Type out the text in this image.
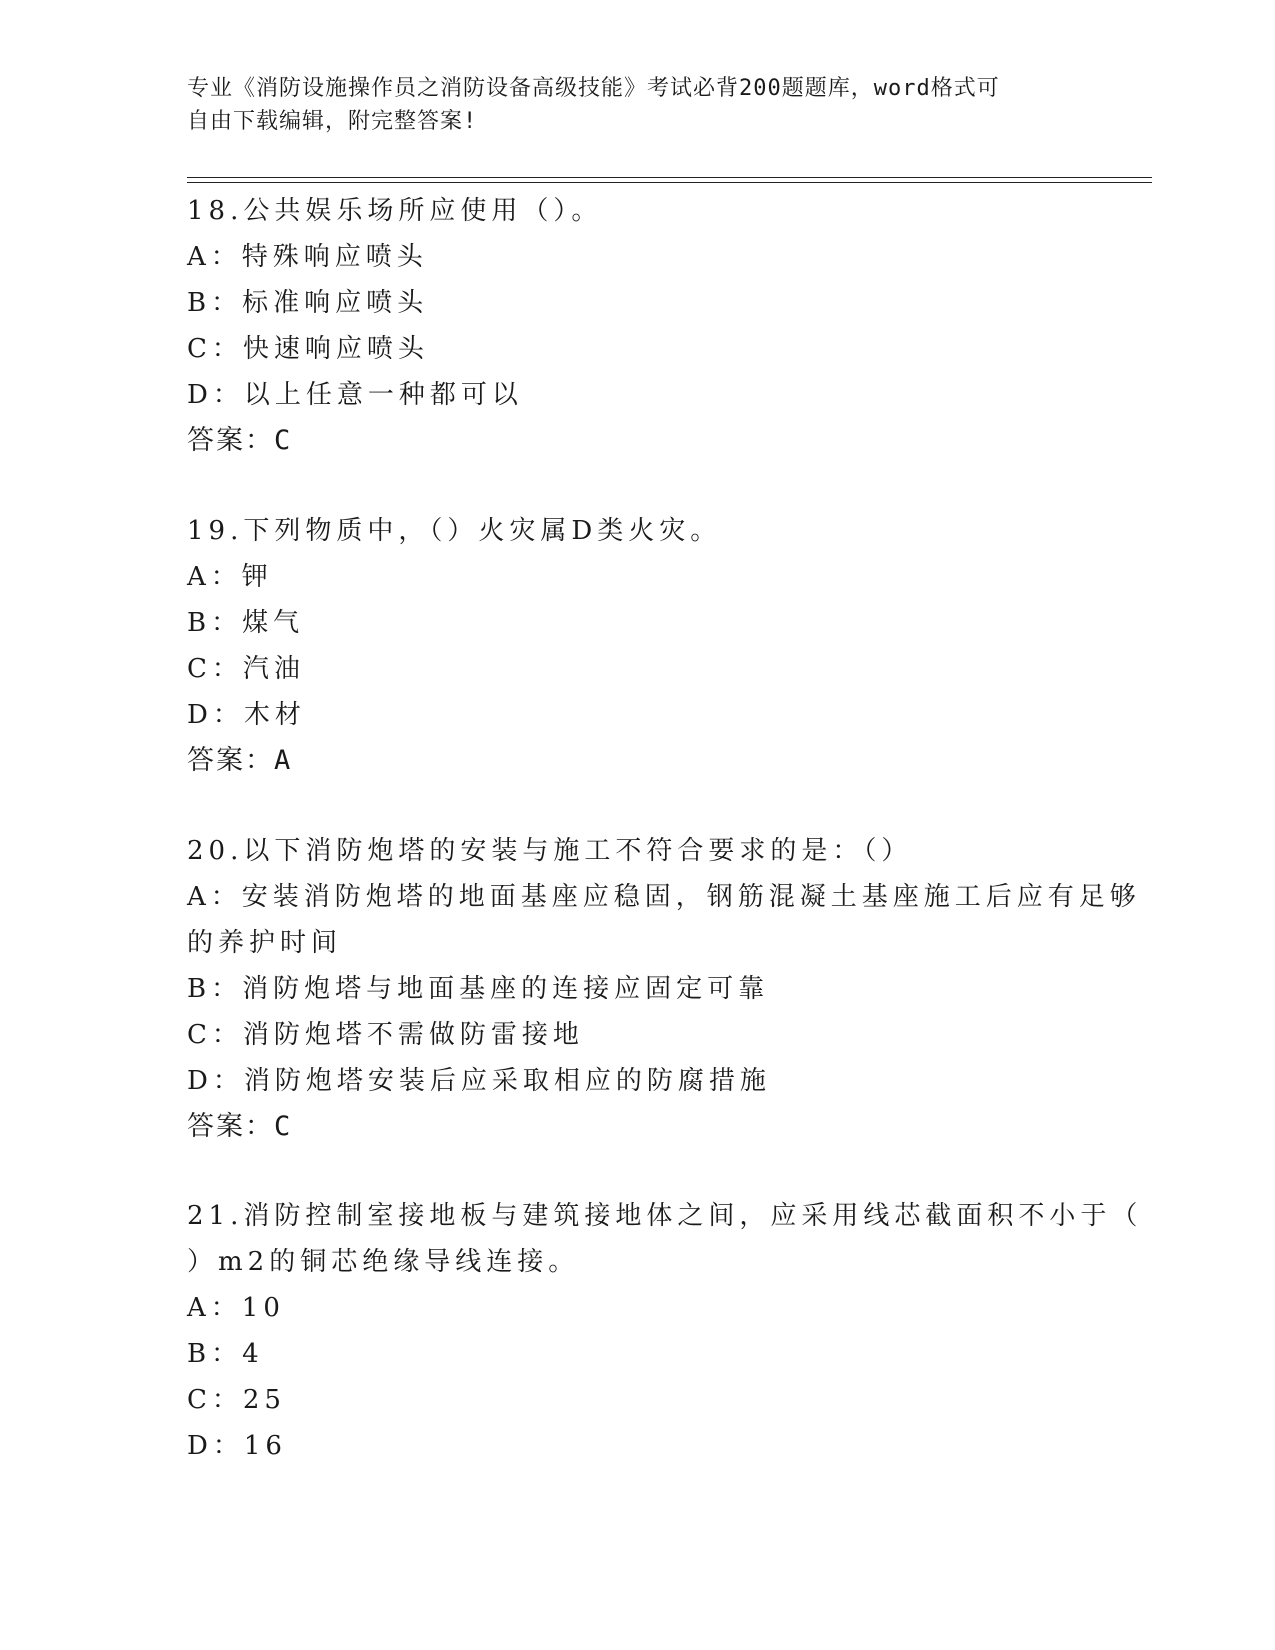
专业《消防设施操作员之消防设备高级技能》考试必背200题题库，word格式可
自由下载编辑，附完整答案!
18.公共娱乐场所应使用（）。
A：特殊响应喷头
B：标准响应喷头
C：快速响应喷头
D：以上任意一种都可以
答案：C
19.下列物质中，（）火灾属D类火灾。
A：钾
B：煤气
C：汽油
D：木材
答案：A
20.以下消防炮塔的安装与施工不符合要求的是：（）
A：安装消防炮塔的地面基座应稳固，钢筋混凝土基座施工后应有足够
的养护时间
B：消防炮塔与地面基座的连接应固定可靠
C：消防炮塔不需做防雷接地
D：消防炮塔安装后应采取相应的防腐措施
答案：C
21.消防控制室接地板与建筑接地体之间，应采用线芯截面积不小于（
）m2的铜芯绝缘导线连接。
A：10
B：4
C：25
D：16
